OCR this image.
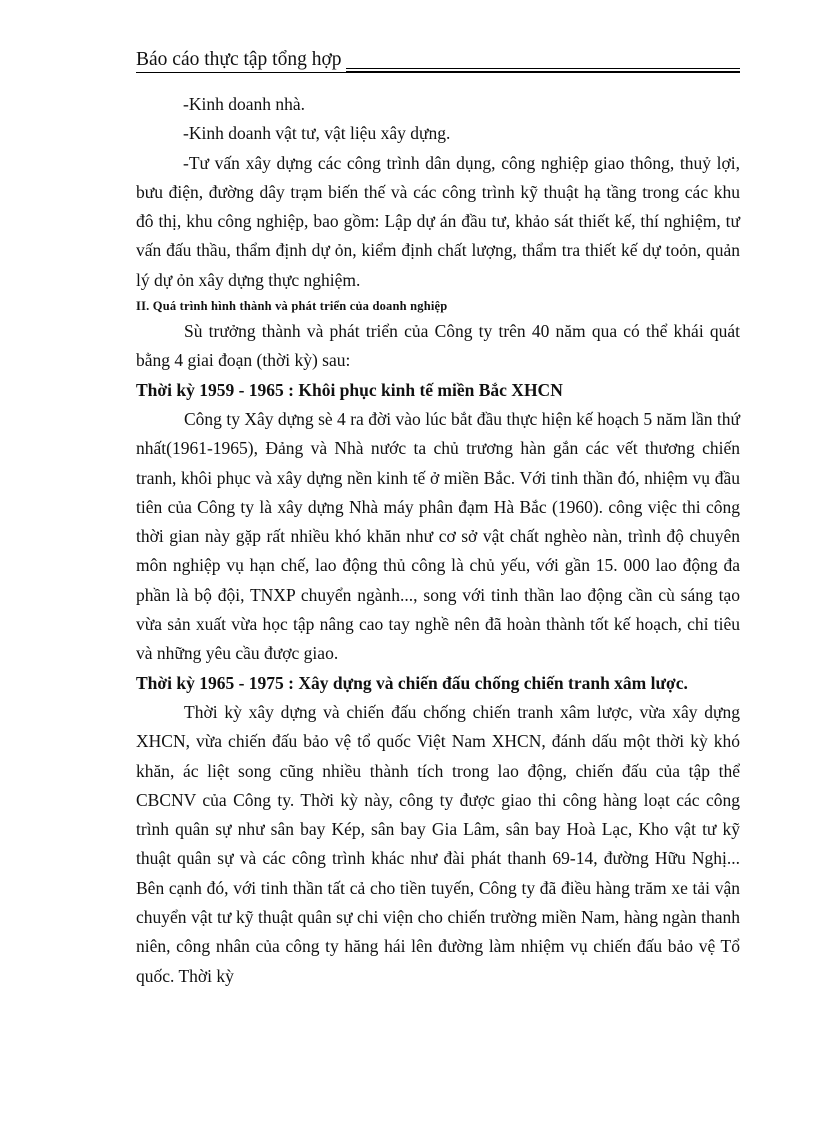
Báo cáo thực tập tổng hợp

-Kinh doanh nhà.

-Kinh doanh vật tư, vật liệu xây dựng.

-Tư vấn xây dựng các công trình dân dụng, công nghiệp giao thông, thuỷ lợi, bưu điện, đường dây trạm biến thế và các công trình kỹ thuật hạ tầng trong các khu đô thị, khu công nghiệp, bao gồm: Lập dự án đầu tư, khảo sát thiết kế, thí nghiệm, tư vấn đấu thầu, thẩm định dự ỏn, kiểm định chất lượng, thẩm tra thiết kế dự toỏn, quản lý dự ỏn xây dựng thực nghiệm.

II. Quá trình hình thành và phát triển của doanh nghiệp

Sù trưởng thành và phát triển của Công ty trên 40 năm qua có thể khái quát bằng 4 giai đoạn (thời kỳ) sau:

Thời kỳ 1959 - 1965 : Khôi phục kinh tế miền Bắc XHCN

Công ty Xây dựng sè 4 ra đời vào lúc bắt đầu thực hiện kế hoạch 5 năm lần thứ nhất(1961-1965), Đảng và Nhà nước ta chủ trương hàn gắn các vết thương chiến tranh, khôi phục và xây dựng nền kinh tế ở miền Bắc. Với tinh thần đó, nhiệm vụ đầu tiên của Công ty là xây dựng Nhà máy phân đạm Hà Bắc (1960). công việc thi công thời gian này gặp rất nhiều khó khăn như cơ sở vật chất nghèo nàn, trình độ chuyên môn nghiệp vụ hạn chế, lao động thủ công là chủ yếu, với gần 15. 000 lao động đa phần là bộ đội, TNXP chuyển ngành..., song với tinh thần lao động cần cù sáng tạo vừa sản xuất vừa học tập nâng cao tay nghề nên đã hoàn thành tốt kế hoạch, chỉ tiêu và những yêu cầu được giao.

Thời kỳ 1965 - 1975 : Xây dựng và chiến đấu chống chiến tranh xâm lược.

Thời kỳ xây dựng và chiến đấu chống chiến tranh xâm lược, vừa xây dựng XHCN, vừa chiến đấu bảo vệ tổ quốc Việt Nam XHCN, đánh dấu một thời kỳ khó khăn, ác liệt song cũng nhiều thành tích trong lao động, chiến đấu của tập thể CBCNV của Công ty. Thời kỳ này, công ty được giao thi công hàng loạt các công trình quân sự như sân bay Kép, sân bay Gia Lâm, sân bay Hoà Lạc, Kho vật tư kỹ thuật quân sự và các công trình khác như đài phát thanh 69-14, đường Hữu Nghị... Bên cạnh đó, với tinh thần tất cả cho tiền tuyến, Công ty đã điều hàng trăm xe tải vận chuyển vật tư kỹ thuật quân sự chi viện cho chiến trường miền Nam, hàng ngàn thanh niên, công nhân của công ty hăng hái lên đường làm nhiệm vụ chiến đấu bảo vệ Tổ quốc. Thời kỳ
